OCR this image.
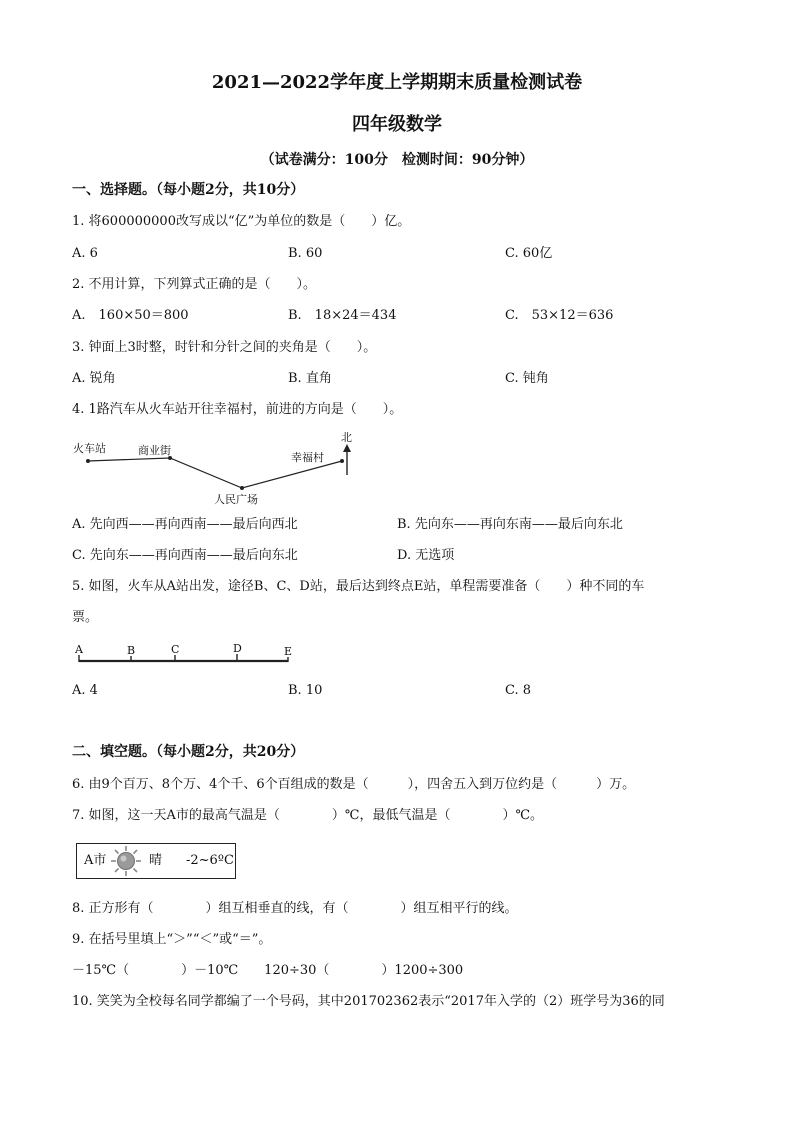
2021—2022学年度上学期期末质量检测试卷
四年级数学
（试卷满分：100分　检测时间：90分钟）
一、选择题。（每小题2分，共10分）
1. 将600000000改写成以“亿”为单位的数是（　　）亿。
A. 6	B. 60	C. 60亿
2. 不用计算，下列算式正确的是（　　）。
A.　160×50＝800	B.　18×24＝434	C.　53×12＝636
3. 钟面上3时整，时针和分针之间的夹角是（　　）。
A. 锐角	B. 直角	C. 钝角
4. 1路汽车从火车站开往幸福村，前进的方向是（　　）。
火车站	商业街
幸福村
人民广场
北
A. 先向西——再向西南——最后向西北	B. 先向东——再向东南——最后向东北
C. 先向东——再向西南——最后向东北	D. 无选项
5. 如图，火车从A站出发，途径B、C、D站，最后达到终点E站，单程需要准备（　　）种不同的车
票。
A	B	C	D	E
A. 4	B. 10	C. 8
二、填空题。（每小题2分，共20分）
6. 由9个百万、8个万、4个千、6个百组成的数是（　　　），四舍五入到万位约是（　　　）万。
7. 如图，这一天A市的最高气温是（　　　　）℃，最低气温是（　　　　）℃。
A市	晴 -2~6ºC
8. 正方形有（　　　　）组互相垂直的线，有（　　　　）组互相平行的线。
9. 在括号里填上“＞”“＜”或“＝”。
－15℃（　　　　）－10℃　　120÷30（　　　　）1200÷300
10. 笑笑为全校每名同学都编了一个号码，其中201702362表示“2017年入学的（2）班学号为36的同
